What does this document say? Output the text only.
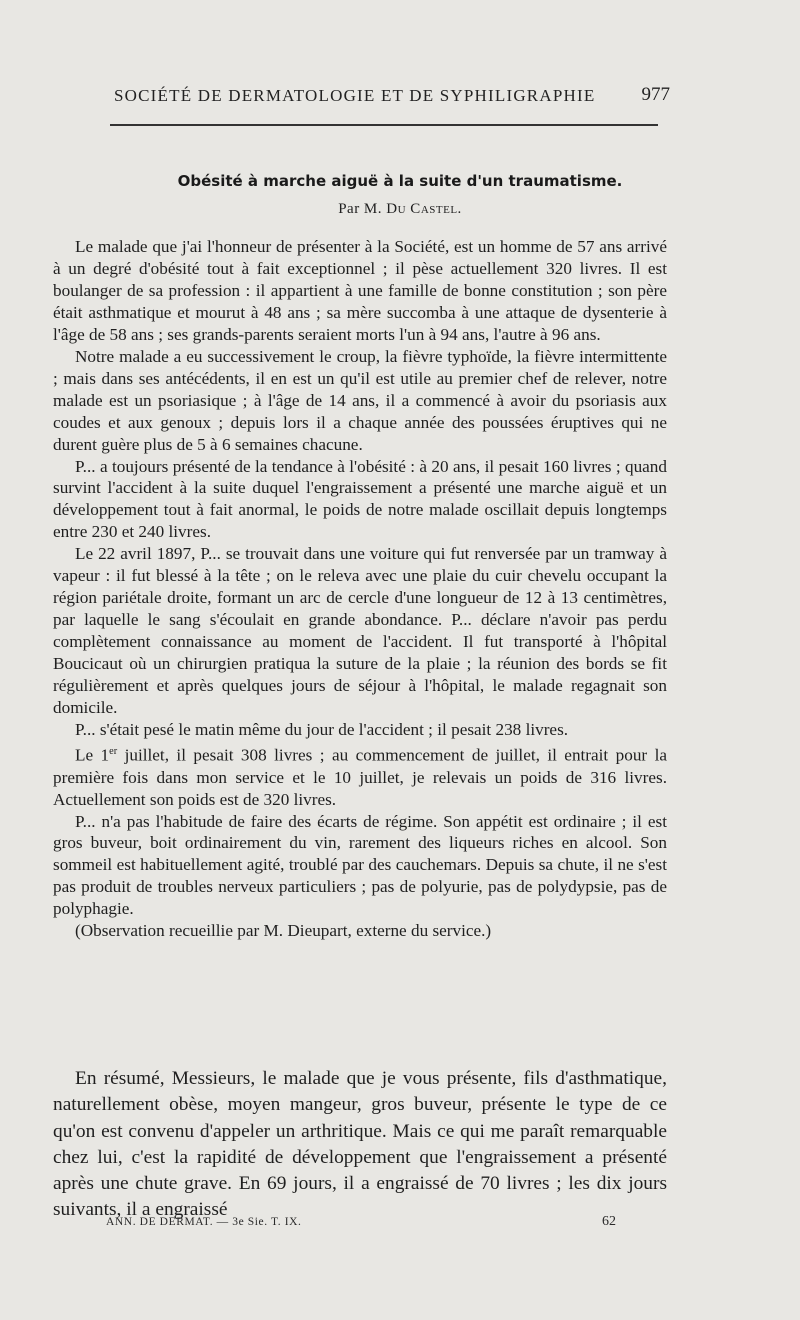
SOCIÉTÉ DE DERMATOLOGIE ET DE SYPHILIGRAPHIE 977
Obésité à marche aiguë à la suite d'un traumatisme.
Par M. Du Castel.

Le malade que j'ai l'honneur de présenter à la Société, est un homme de 57 ans arrivé à un degré d'obésité tout à fait exceptionnel ; il pèse actuellement 320 livres. Il est boulanger de sa profession : il appartient à une famille de bonne constitution ; son père était asthmatique et mourut à 48 ans ; sa mère succomba à une attaque de dysenterie à l'âge de 58 ans ; ses grands-parents seraient morts l'un à 94 ans, l'autre à 96 ans.

Notre malade a eu successivement le croup, la fièvre typhoïde, la fièvre intermittente ; mais dans ses antécédents, il en est un qu'il est utile au premier chef de relever, notre malade est un psoriasique ; à l'âge de 14 ans, il a commencé à avoir du psoriasis aux coudes et aux genoux ; depuis lors il a chaque année des poussées éruptives qui ne durent guère plus de 5 à 6 semaines chacune.

P... a toujours présenté de la tendance à l'obésité : à 20 ans, il pesait 160 livres ; quand survint l'accident à la suite duquel l'engraissement a présenté une marche aiguë et un développement tout à fait anormal, le poids de notre malade oscillait depuis longtemps entre 230 et 240 livres.

Le 22 avril 1897, P... se trouvait dans une voiture qui fut renversée par un tramway à vapeur : il fut blessé à la tête ; on le releva avec une plaie du cuir chevelu occupant la région pariétale droite, formant un arc de cercle d'une longueur de 12 à 13 centimètres, par laquelle le sang s'écoulait en grande abondance. P... déclare n'avoir pas perdu complètement connaissance au moment de l'accident. Il fut transporté à l'hôpital Boucicaut où un chirurgien pratiqua la suture de la plaie ; la réunion des bords se fit régulièrement et après quelques jours de séjour à l'hôpital, le malade regagnait son domicile.

P... s'était pesé le matin même du jour de l'accident ; il pesait 238 livres.

Le 1er juillet, il pesait 308 livres ; au commencement de juillet, il entrait pour la première fois dans mon service et le 10 juillet, je relevais un poids de 316 livres. Actuellement son poids est de 320 livres.

P... n'a pas l'habitude de faire des écarts de régime. Son appétit est ordinaire ; il est gros buveur, boit ordinairement du vin, rarement des liqueurs riches en alcool. Son sommeil est habituellement agité, troublé par des cauchemars. Depuis sa chute, il ne s'est pas produit de troubles nerveux particuliers ; pas de polyurie, pas de polydypsie, pas de polyphagie.

(Observation recueillie par M. Dieupart, externe du service.)

En résumé, Messieurs, le malade que je vous présente, fils d'asthmatique, naturellement obèse, moyen mangeur, gros buveur, présente le type de ce qu'on est convenu d'appeler un arthritique. Mais ce qui me paraît remarquable chez lui, c'est la rapidité de développement que l'engraissement a présenté après une chute grave. En 69 jours, il a engraissé de 70 livres ; les dix jours suivants, il a engraissé

ANN. DE DERMAT. — 3e Sie. T. IX.	62
